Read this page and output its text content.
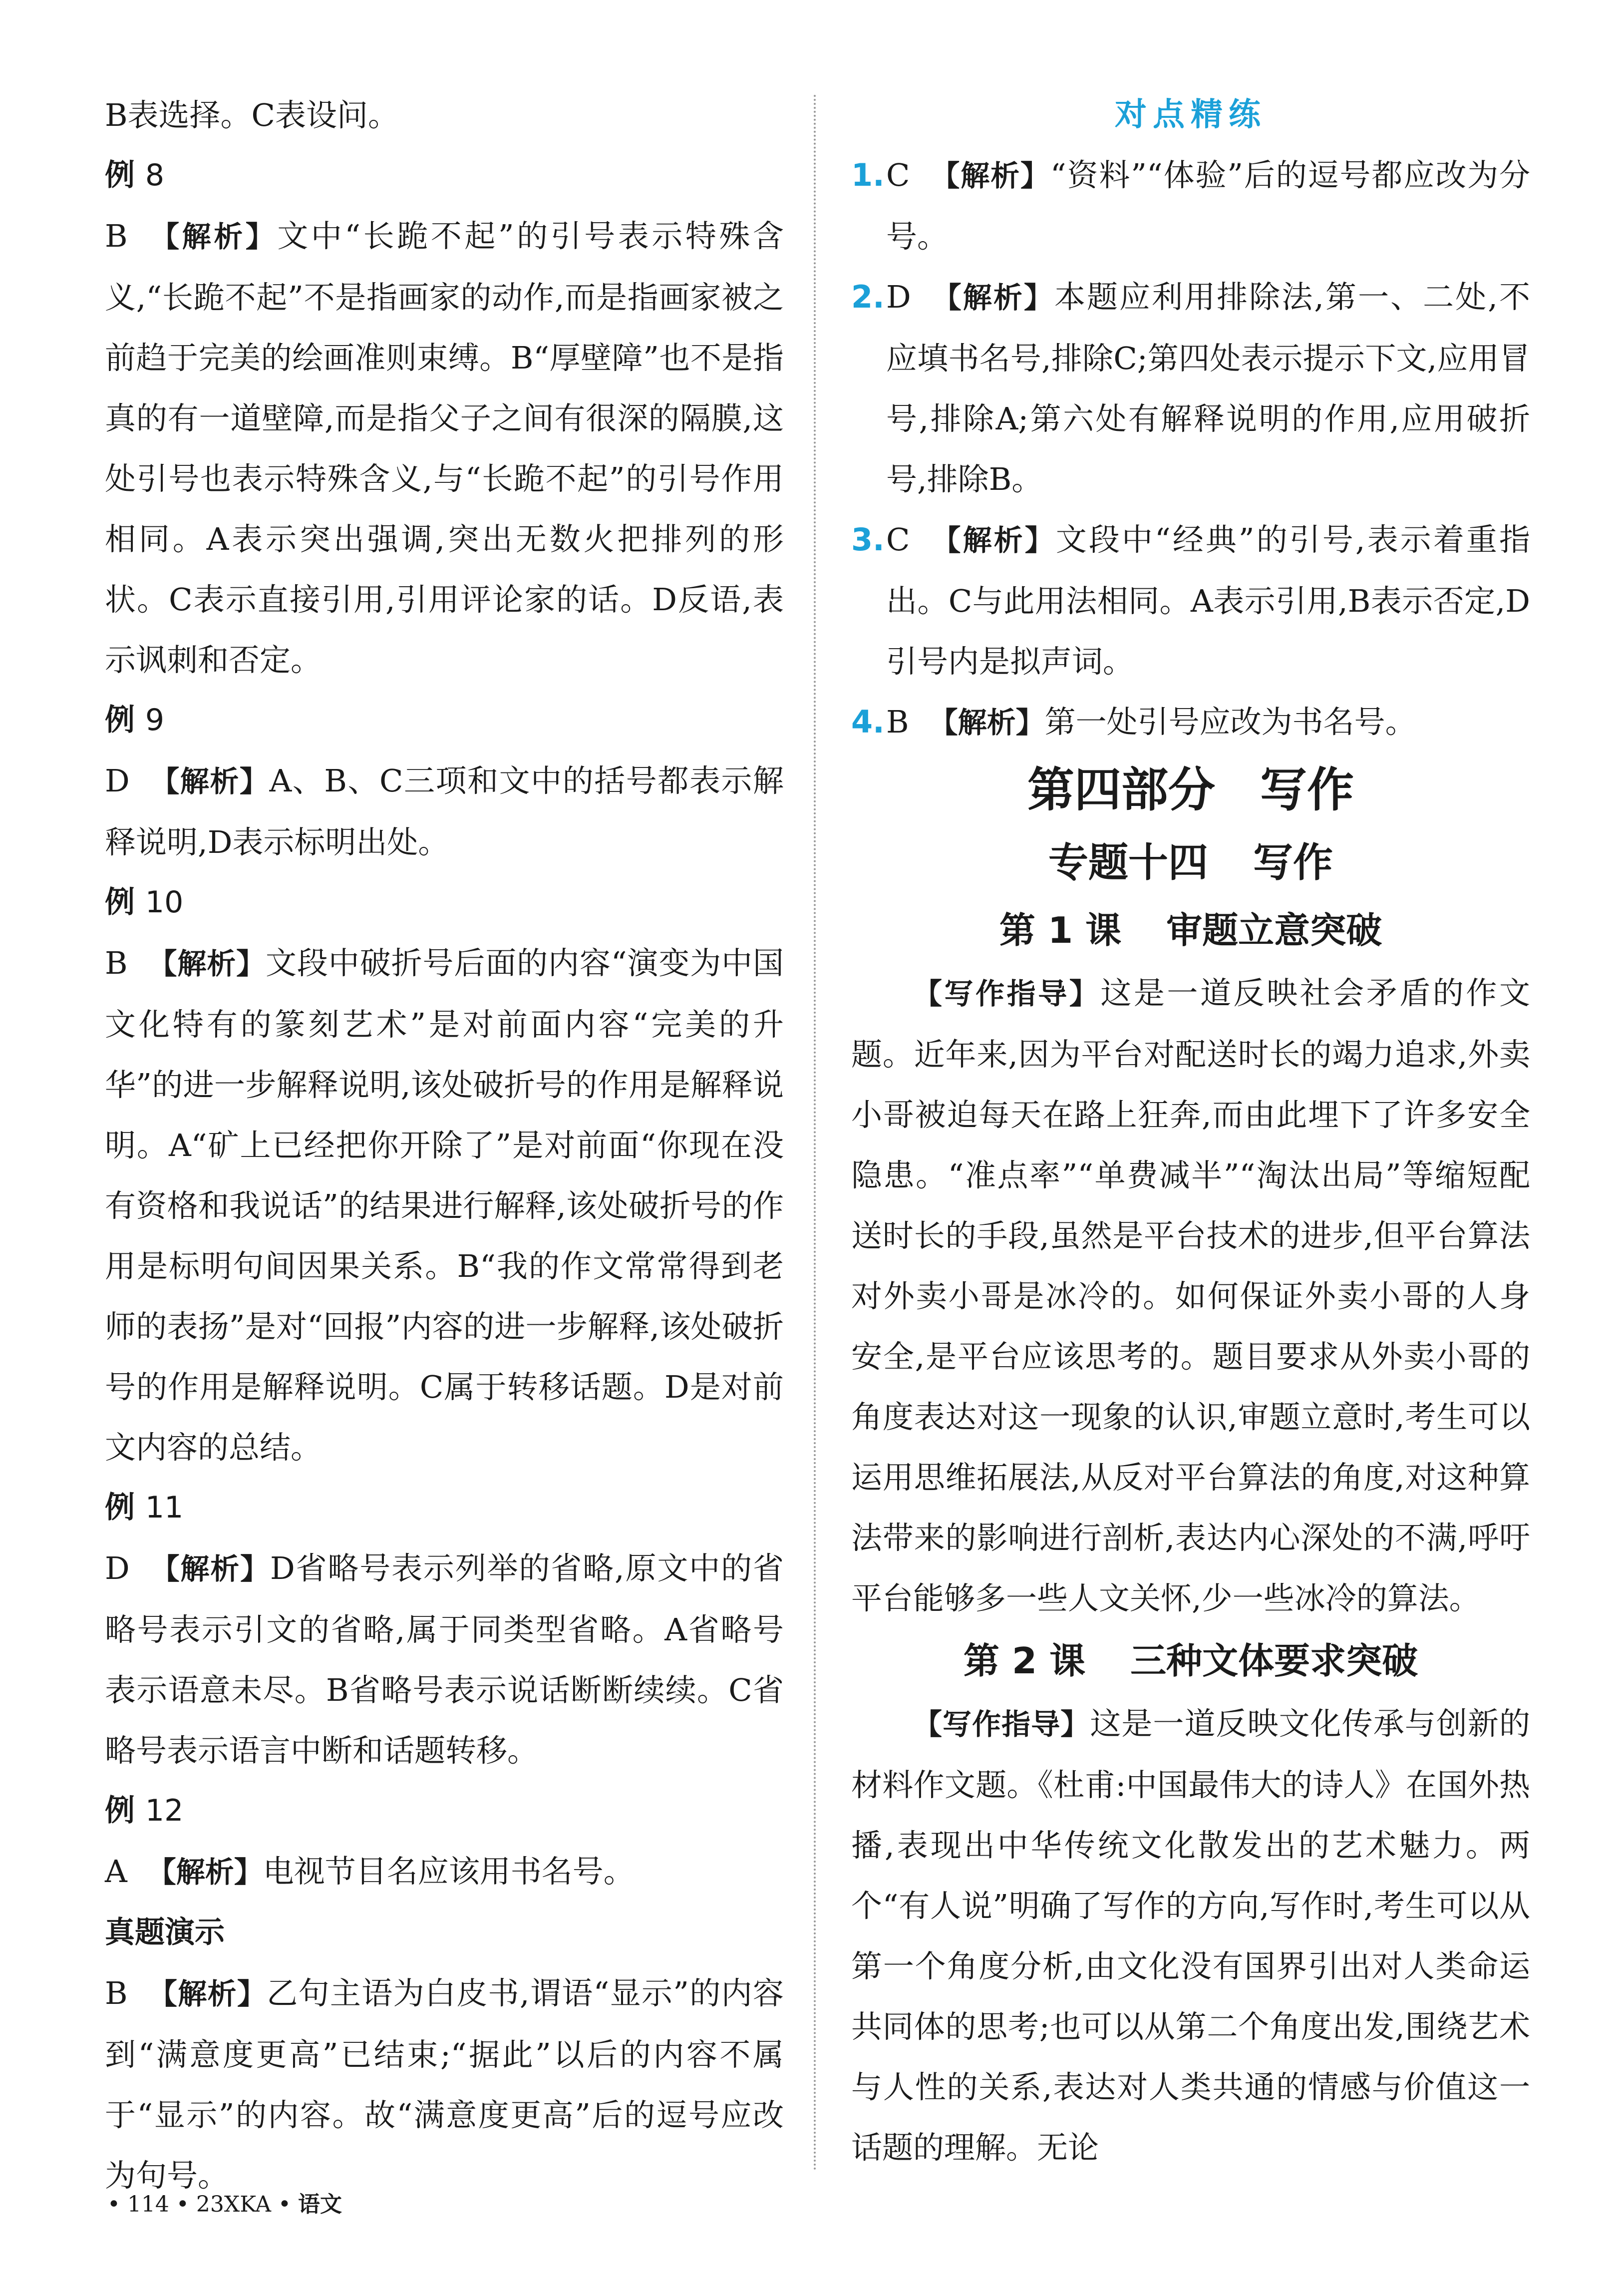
B表选择。C表设问。

例 8

B 【解析】文中“长跪不起”的引号表示特殊含义,“长跪不起”不是指画家的动作,而是指画家被之前趋于完美的绘画准则束缚。B“厚壁障”也不是指真的有一道壁障,而是指父子之间有很深的隔膜,这处引号也表示特殊含义,与“长跪不起”的引号作用相同。A表示突出强调,突出无数火把排列的形状。C表示直接引用,引用评论家的话。D反语,表示讽刺和否定。

例 9

D 【解析】A、B、C三项和文中的括号都表示解释说明,D表示标明出处。

例 10

B 【解析】文段中破折号后面的内容“演变为中国文化特有的篆刻艺术”是对前面内容“完美的升华”的进一步解释说明,该处破折号的作用是解释说明。A“矿上已经把你开除了”是对前面“你现在没有资格和我说话”的结果进行解释,该处破折号的作用是标明句间因果关系。B“我的作文常常得到老师的表扬”是对“回报”内容的进一步解释,该处破折号的作用是解释说明。C属于转移话题。D是对前文内容的总结。

例 11

D 【解析】D省略号表示列举的省略,原文中的省略号表示引文的省略,属于同类型省略。A省略号表示语意未尽。B省略号表示说话断断续续。C省略号表示语言中断和话题转移。

例 12

A 【解析】电视节目名应该用书名号。

真题演示

B 【解析】乙句主语为白皮书,谓语“显示”的内容到“满意度更高”已结束;“据此”以后的内容不属于“显示”的内容。故“满意度更高”后的逗号应改为句号。

对点精练

1. C 【解析】“资料”“体验”后的逗号都应改为分号。

2. D 【解析】本题应利用排除法,第一、二处,不应填书名号,排除C;第四处表示提示下文,应用冒号,排除A;第六处有解释说明的作用,应用破折号,排除B。

3. C 【解析】文段中“经典”的引号,表示着重指出。C与此用法相同。A表示引用,B表示否定,D引号内是拟声词。

4. B 【解析】第一处引号应改为书名号。

第四部分 写作

专题十四 写作

第 1 课 审题立意突破

【写作指导】这是一道反映社会矛盾的作文题。近年来,因为平台对配送时长的竭力追求,外卖小哥被迫每天在路上狂奔,而由此埋下了许多安全隐患。“准点率”“单费减半”“淘汰出局”等缩短配送时长的手段,虽然是平台技术的进步,但平台算法对外卖小哥是冰冷的。如何保证外卖小哥的人身安全,是平台应该思考的。题目要求从外卖小哥的角度表达对这一现象的认识,审题立意时,考生可以运用思维拓展法,从反对平台算法的角度,对这种算法带来的影响进行剖析,表达内心深处的不满,呼吁平台能够多一些人文关怀,少一些冰冷的算法。

第 2 课 三种文体要求突破

【写作指导】这是一道反映文化传承与创新的材料作文题。《杜甫:中国最伟大的诗人》在国外热播,表现出中华传统文化散发出的艺术魅力。两个“有人说”明确了写作的方向,写作时,考生可以从第一个角度分析,由文化没有国界引出对人类命运共同体的思考;也可以从第二个角度出发,围绕艺术与人性的关系,表达对人类共通的情感与价值这一话题的理解。无论

• 114 • 23XKA • 语文
